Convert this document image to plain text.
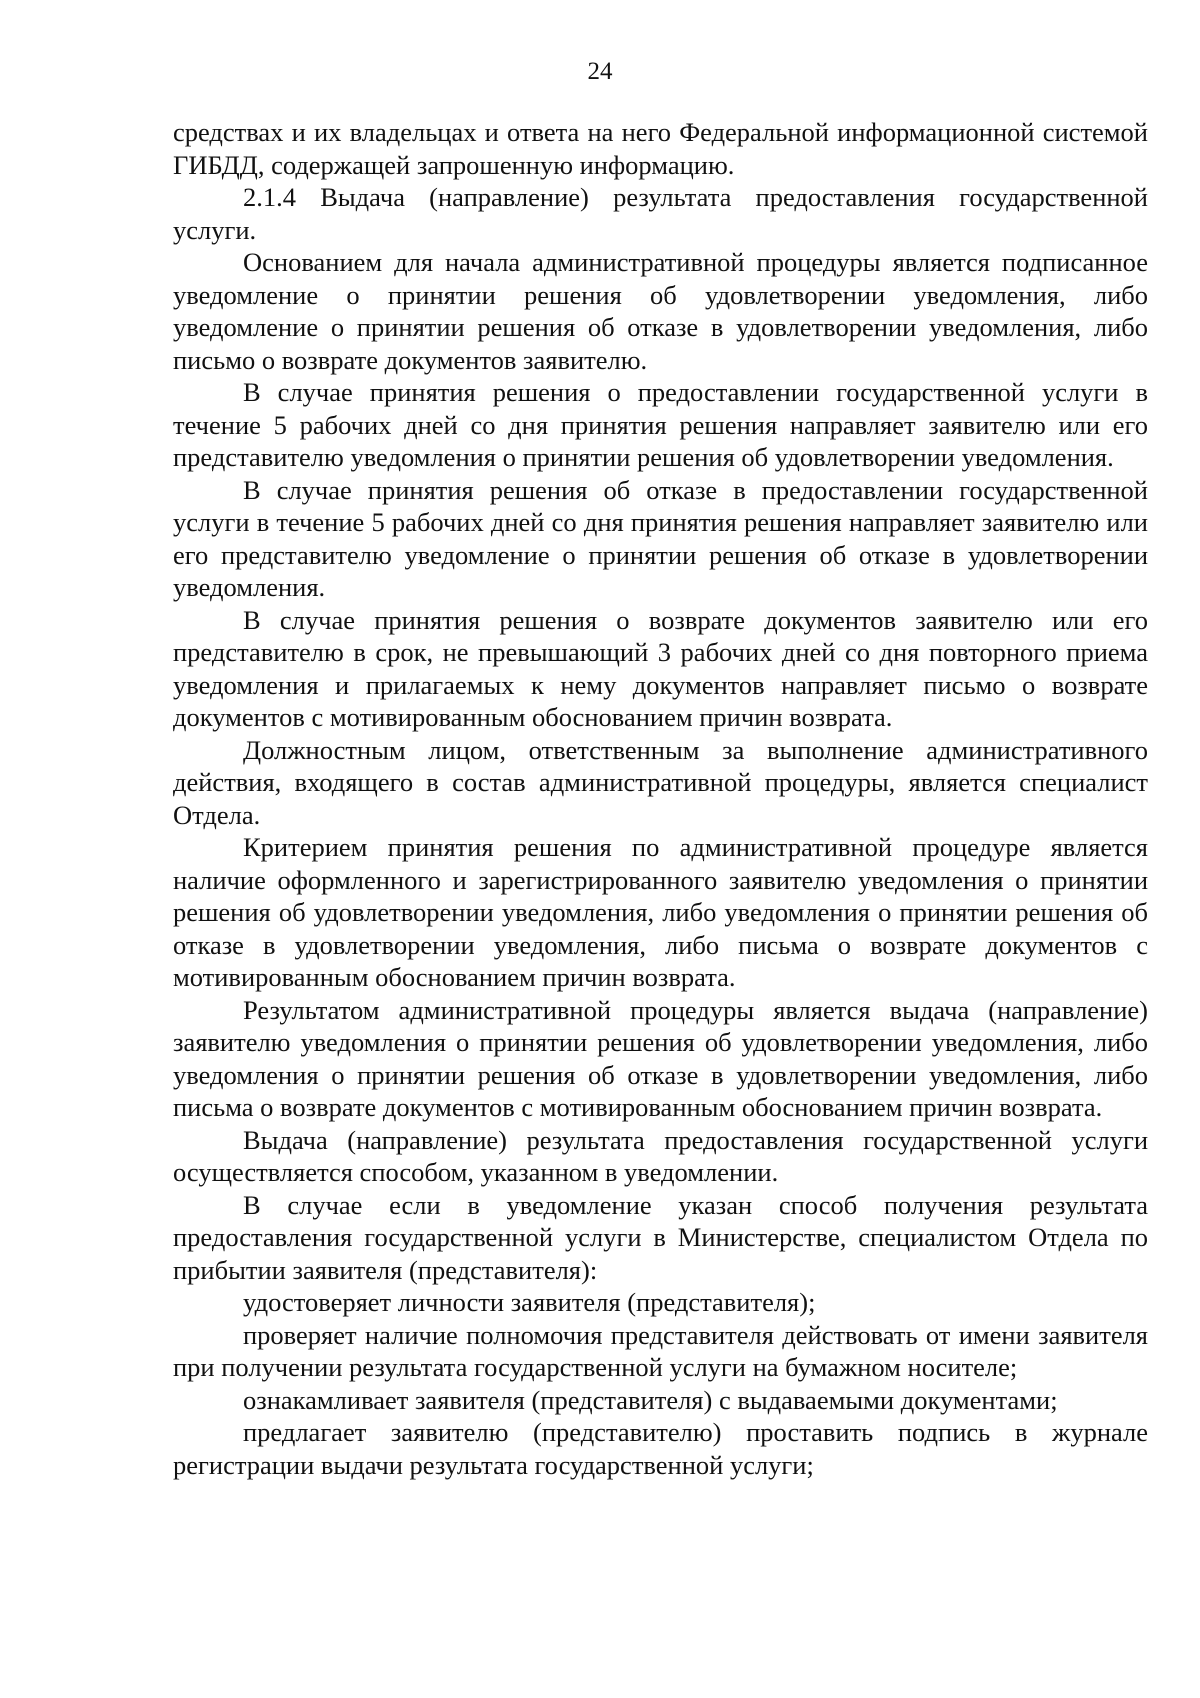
24

средствах и их владельцах и ответа на него Федеральной информационной системой ГИБДД, содержащей запрошенную информацию.

2.1.4 Выдача (направление) результата предоставления государственной услуги.

Основанием для начала административной процедуры является подписанное уведомление о принятии решения об удовлетворении уведомления, либо уведомление о принятии решения об отказе в удовлетворении уведомления, либо письмо о возврате документов заявителю.

В случае принятия решения о предоставлении государственной услуги в течение 5 рабочих дней со дня принятия решения направляет заявителю или его представителю уведомления о принятии решения об удовлетворении уведомления.

В случае принятия решения об отказе в предоставлении государственной услуги в течение 5 рабочих дней со дня принятия решения направляет заявителю или его представителю уведомление о принятии решения об отказе в удовлетворении уведомления.

В случае принятия решения о возврате документов заявителю или его представителю в срок, не превышающий 3 рабочих дней со дня повторного приема уведомления и прилагаемых к нему документов направляет письмо о возврате документов с мотивированным обоснованием причин возврата.

Должностным лицом, ответственным за выполнение административного действия, входящего в состав административной процедуры, является специалист Отдела.

Критерием принятия решения по административной процедуре является наличие оформленного и зарегистрированного заявителю уведомления о принятии решения об удовлетворении уведомления, либо уведомления о принятии решения об отказе в удовлетворении уведомления, либо письма о возврате документов с мотивированным обоснованием причин возврата.

Результатом административной процедуры является выдача (направление) заявителю уведомления о принятии решения об удовлетворении уведомления, либо уведомления о принятии решения об отказе в удовлетворении уведомления, либо письма о возврате документов с мотивированным обоснованием причин возврата.

Выдача (направление) результата предоставления государственной услуги осуществляется способом, указанном в уведомлении.

В случае если в уведомление указан способ получения результата предоставления государственной услуги в Министерстве, специалистом Отдела по прибытии заявителя (представителя):

удостоверяет личности заявителя (представителя);

проверяет наличие полномочия представителя действовать от имени заявителя при получении результата государственной услуги на бумажном носителе;

ознакамливает заявителя (представителя) с выдаваемыми документами;

предлагает заявителю (представителю) проставить подпись в журнале регистрации выдачи результата государственной услуги;
